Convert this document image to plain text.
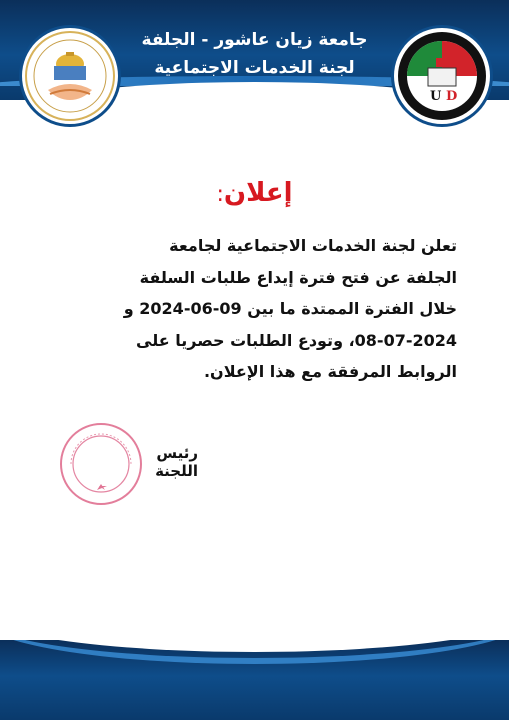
جامعة زيان عاشور - الجلفة
لجنة الخدمات الاجتماعية
U D
إعلان:
تعلن لجنة الخدمات الاجتماعية لجامعة
الجلفة عن فتح فترة إيداع طلبات السلفة
خلال الفترة الممتدة ما بين 09-06-2024 و
08-07-2024، وتودع الطلبات حصريا على
الروابط المرفقة مع هذا الإعلان.
رئيس اللجنة
